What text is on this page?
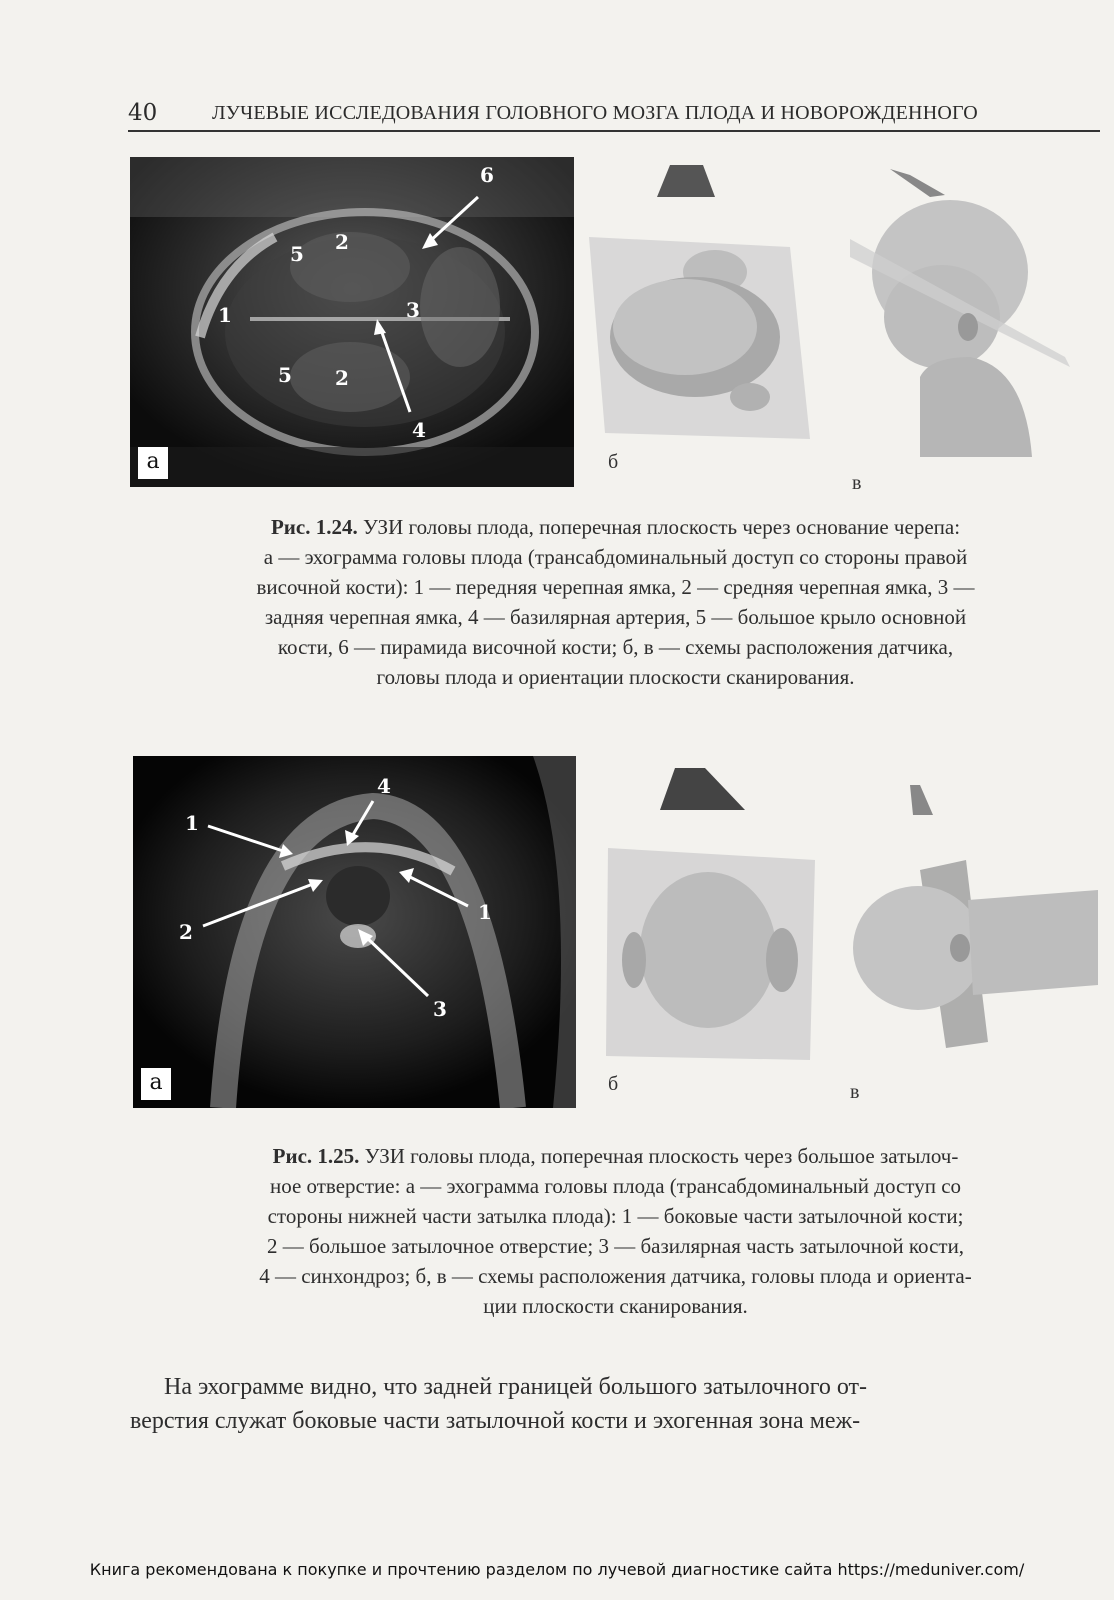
40	ЛУЧЕВЫЕ ИССЛЕДОВАНИЯ ГОЛОВНОГО МОЗГА ПЛОДА И НОВОРОЖДЕННОГО
6
5 2
1	3
5 2
4
а	б
в
Рис. 1.24. УЗИ головы плода, поперечная плоскость через основание черепа:
а — эхограмма головы плода (трансабдоминальный доступ со стороны правой
височной кости): 1 — передняя черепная ямка, 2 — средняя черепная ямка, 3 —
задняя черепная ямка, 4 — базилярная артерия, 5 — большое крыло основной
кости, 6 — пирамида височной кости; б, в — схемы расположения датчика,
головы плода и ориентации плоскости сканирования.
4
1
1
2
3
а	б	в
Рис. 1.25. УЗИ головы плода, поперечная плоскость через большое затылоч-
ное отверстие: а — эхограмма головы плода (трансабдоминальный доступ со
стороны нижней части затылка плода): 1 — боковые части затылочной кости;
2 — большое затылочное отверстие; 3 — базилярная часть затылочной кости,
4 — синхондроз; б, в — схемы расположения датчика, головы плода и ориента-
ции плоскости сканирования.
На эхограмме видно, что задней границей большого затылочного от-
верстия служат боковые части затылочной кости и эхогенная зона меж-
Книга рекомендована к покупке и прочтению разделом по лучевой диагностике сайта https://meduniver.com/
